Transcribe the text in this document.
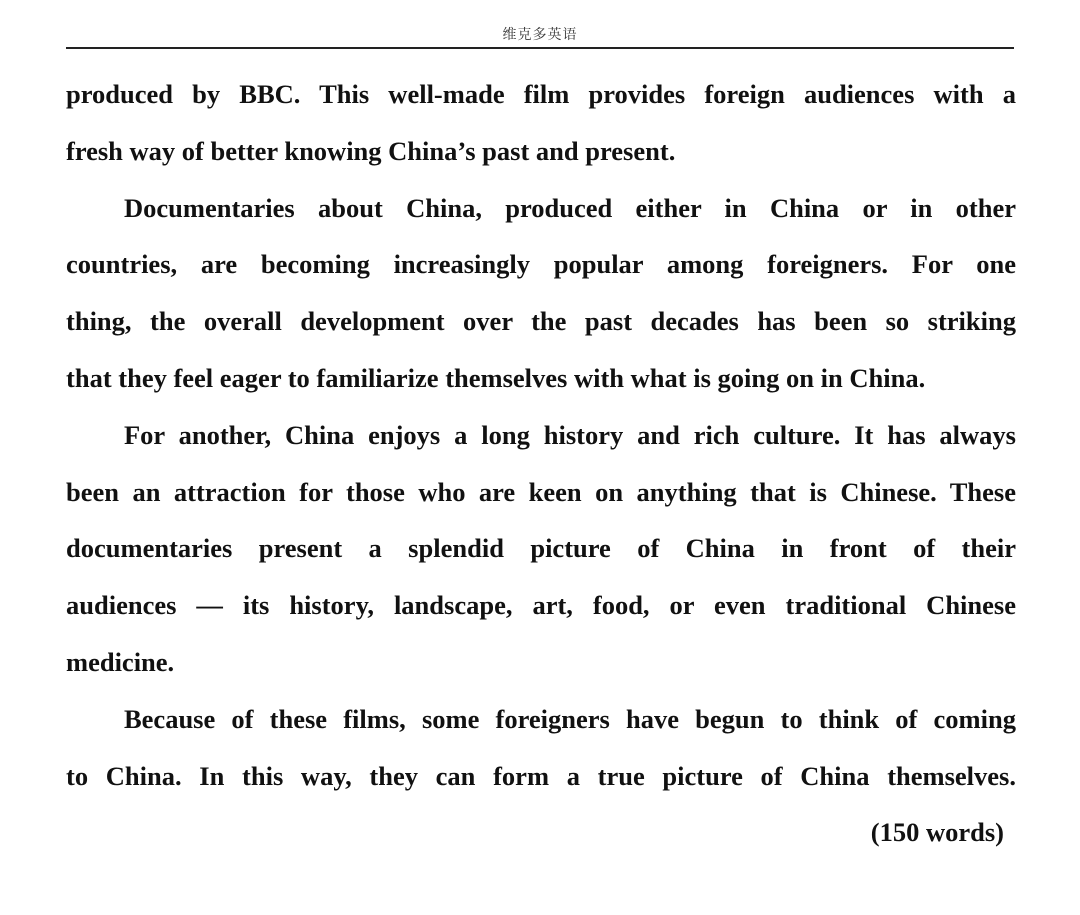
维克多英语
produced by BBC. This well-made film provides foreign audiences with a
fresh way of better knowing China’s past and present.
Documentaries about China, produced either in China or in other
countries, are becoming increasingly popular among foreigners. For one
thing, the overall development over the past decades has been so striking
that they feel eager to familiarize themselves with what is going on in China.
For another, China enjoys a long history and rich culture. It has always
been an attraction for those who are keen on anything that is Chinese. These
documentaries present a splendid picture of China in front of their
audiences — its history, landscape, art, food, or even traditional Chinese
medicine.
Because of these films, some foreigners have begun to think of coming
to China. In this way, they can form a true picture of China themselves.
(150 words)
